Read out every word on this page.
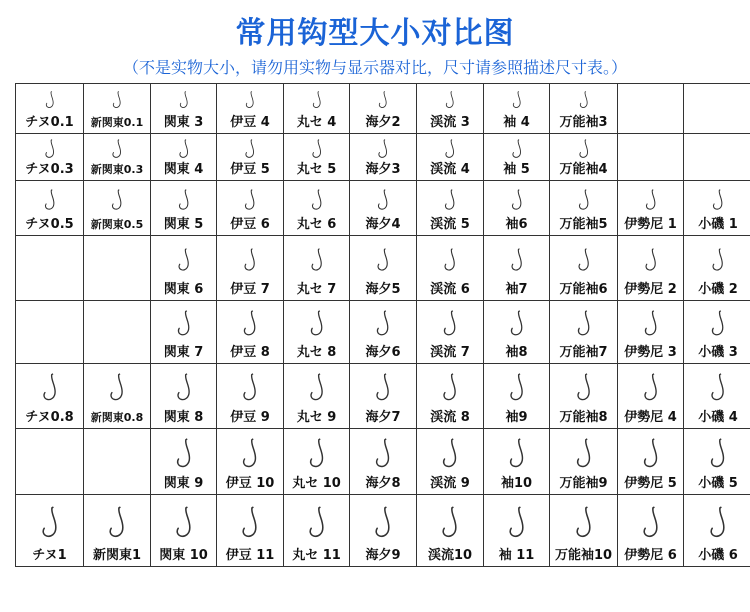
常用钩型大小对比图
（不是实物大小，请勿用实物与显示器对比，尺寸请参照描述尺寸表。）
チヌ0.1	新関東0.1	関東 3	伊豆 4	丸セ 4	海夕2	渓流 3	袖 4	万能袖3		

チヌ0.3	新関東0.3	関東 4	伊豆 5	丸セ 5	海夕3	渓流 4	袖 5	万能袖4		

チヌ0.5	新関東0.5	関東 5	伊豆 6	丸セ 6	海夕4	渓流 5	袖6	万能袖5	伊勢尼 1	小磯 1

		関東 6	伊豆 7	丸セ 7	海夕5	渓流 6	袖7	万能袖6	伊勢尼 2	小磯 2

		関東 7	伊豆 8	丸セ 8	海夕6	渓流 7	袖8	万能袖7	伊勢尼 3	小磯 3

チヌ0.8	新関東0.8	関東 8	伊豆 9	丸セ 9	海夕7	渓流 8	袖9	万能袖8	伊勢尼 4	小磯 4

		関東 9	伊豆 10	丸セ 10	海夕8	渓流 9	袖10	万能袖9	伊勢尼 5	小磯 5

チヌ1	新関東1	関東 10	伊豆 11	丸セ 11	海夕9	渓流10	袖 11	万能袖10	伊勢尼 6	小磯 6
